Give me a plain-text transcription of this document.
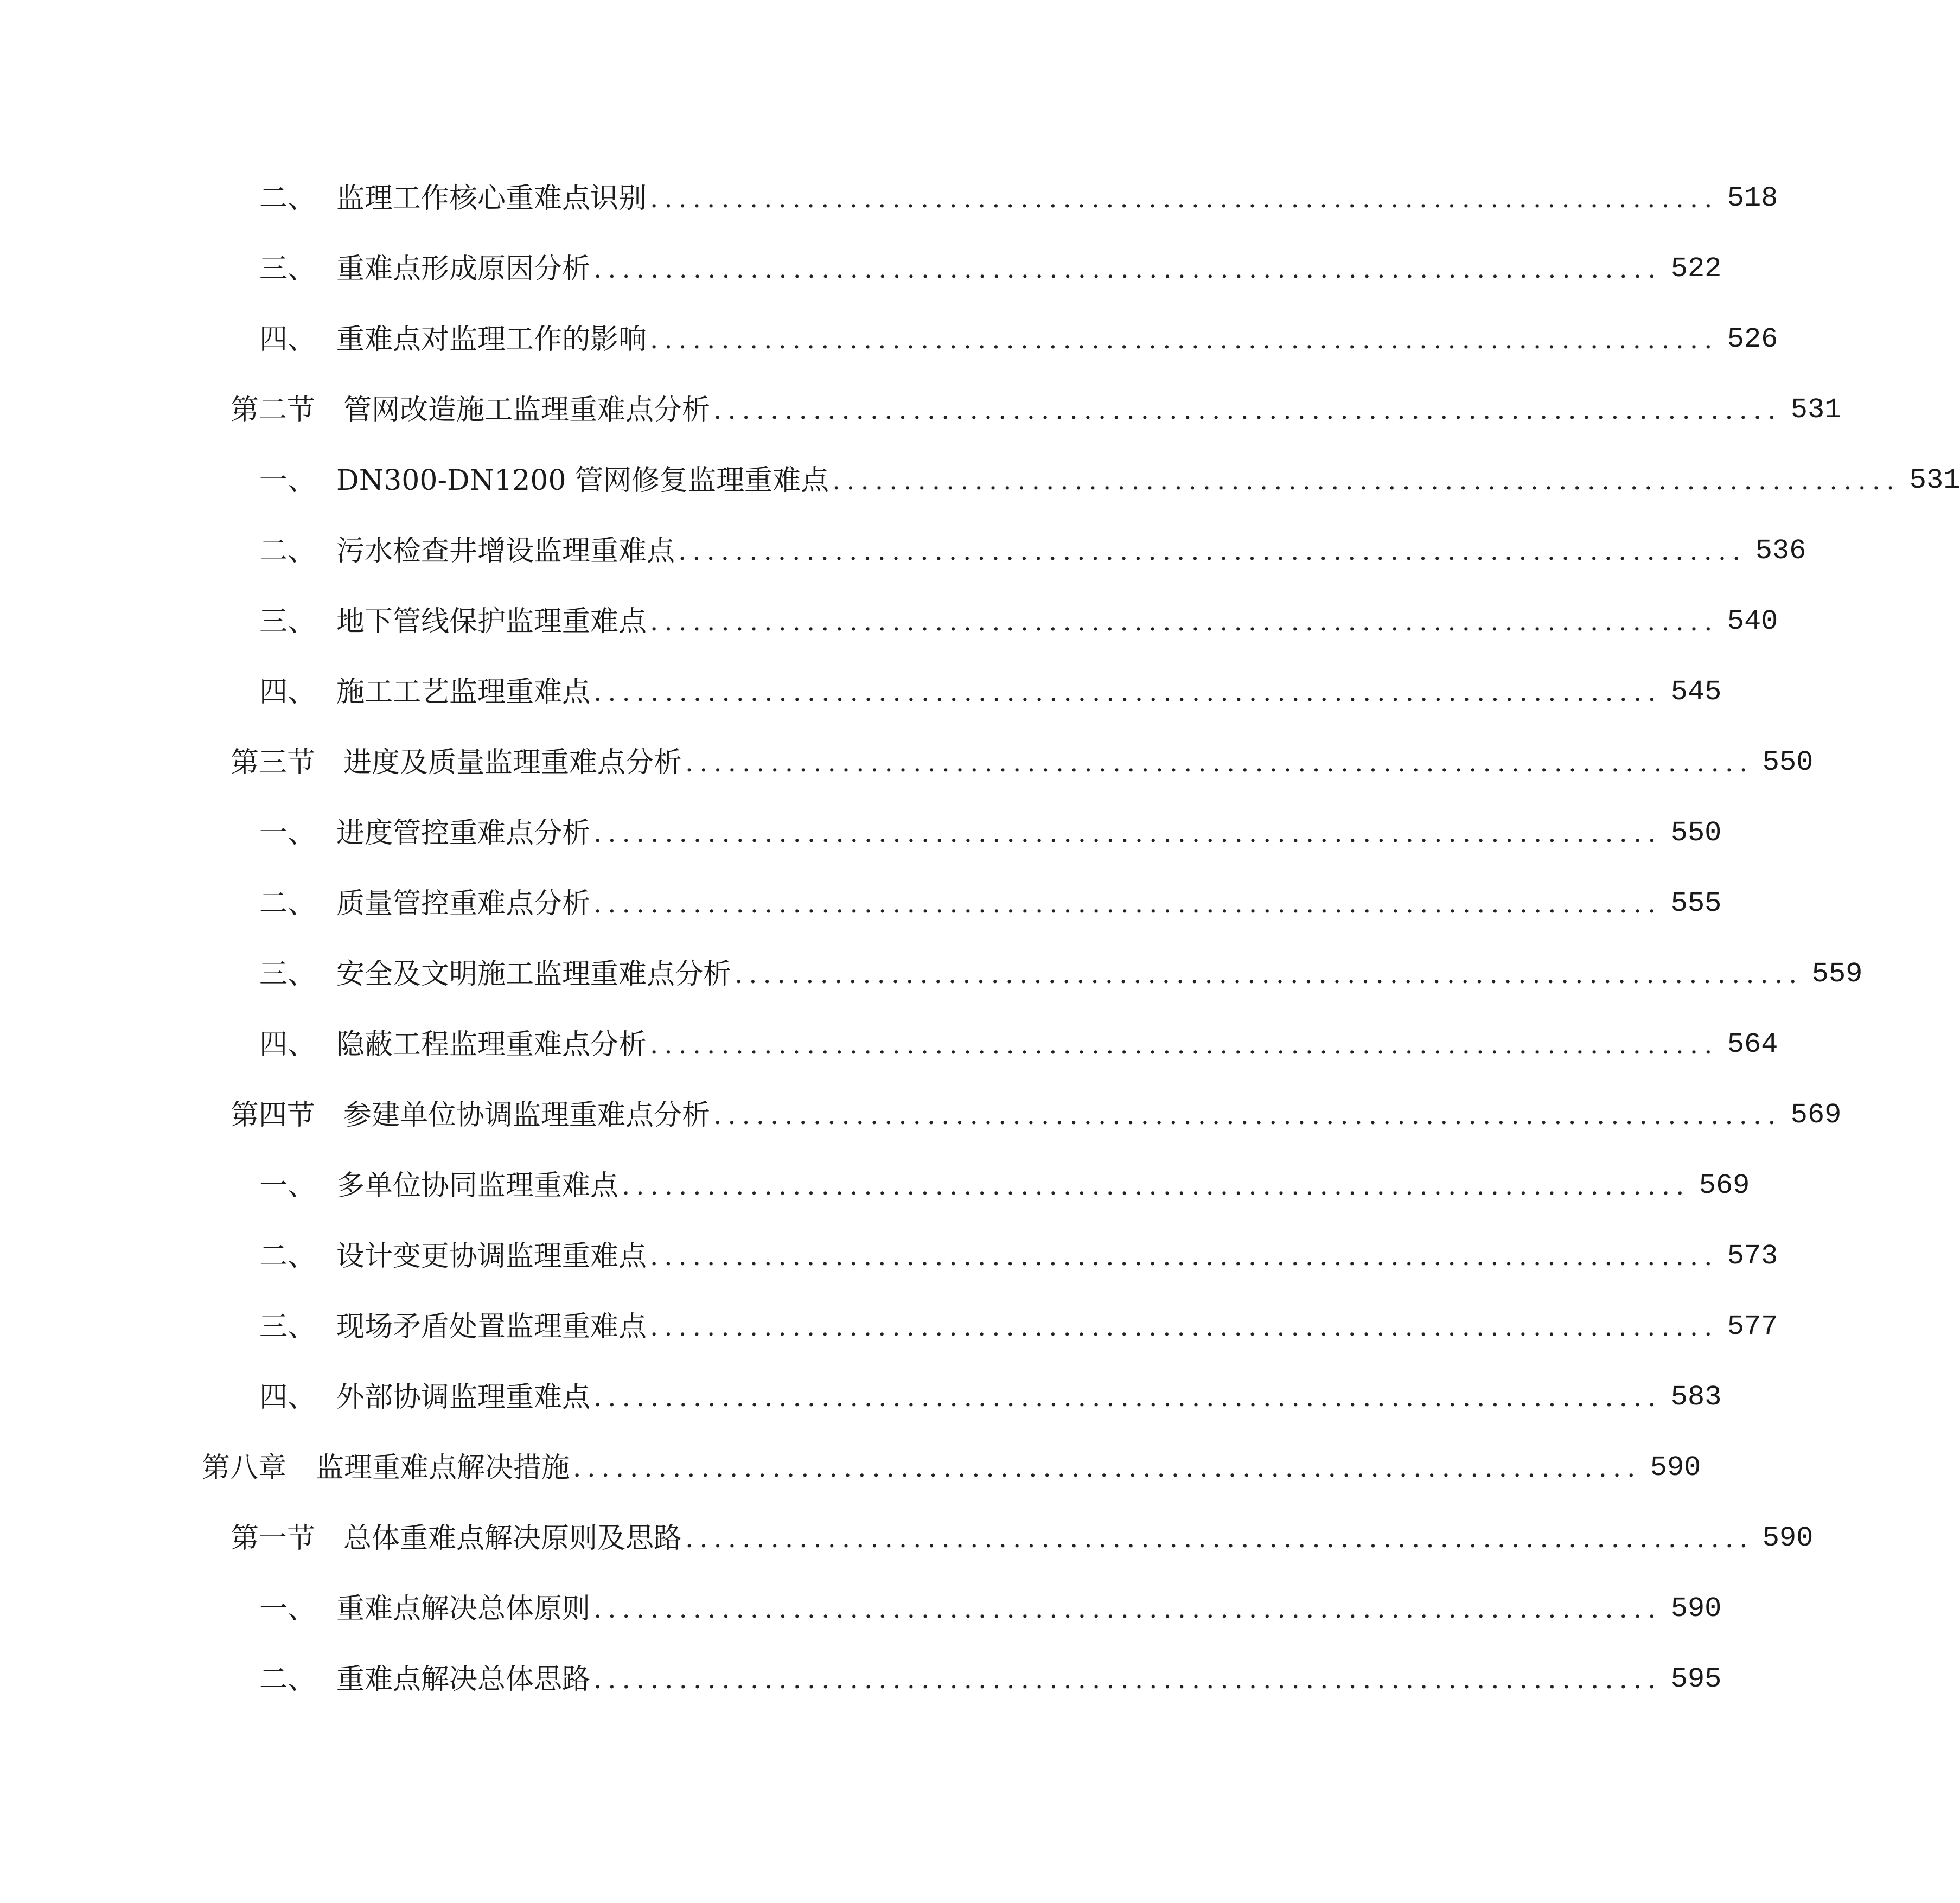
二、 监理工作核心重难点识别 ........................................................................... 518
三、 重难点形成原因分析 ........................................................................... 522
四、 重难点对监理工作的影响 ........................................................................... 526
第二节 管网改造施工监理重难点分析 ........................................................................... 531
一、 DN300-DN1200 管网修复监理重难点 ........................................................................... 531
二、 污水检查井增设监理重难点 ........................................................................... 536
三、 地下管线保护监理重难点 ........................................................................... 540
四、 施工工艺监理重难点 ........................................................................... 545
第三节 进度及质量监理重难点分析 ........................................................................... 550
一、 进度管控重难点分析 ........................................................................... 550
二、 质量管控重难点分析 ........................................................................... 555
三、 安全及文明施工监理重难点分析 ........................................................................... 559
四、 隐蔽工程监理重难点分析 ........................................................................... 564
第四节 参建单位协调监理重难点分析 ........................................................................... 569
一、 多单位协同监理重难点 ........................................................................... 569
二、 设计变更协调监理重难点 ........................................................................... 573
三、 现场矛盾处置监理重难点 ........................................................................... 577
四、 外部协调监理重难点 ........................................................................... 583
第八章	监理重难点解决措施 ........................................................................... 590
第一节 总体重难点解决原则及思路 ........................................................................... 590
一、 重难点解决总体原则 ........................................................................... 590
二、 重难点解决总体思路 ........................................................................... 595
